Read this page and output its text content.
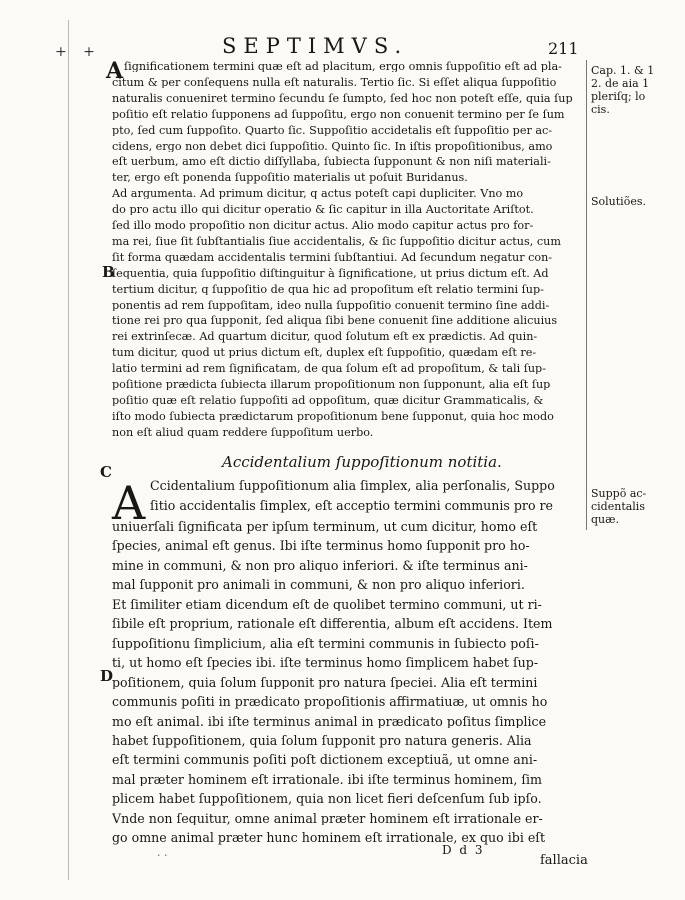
+ +	SEPTIMVS.	211
A ſignificationem termini quæ eſt ad placitum, ergo omnis ſuppoſitio eſt ad pla-
citum & per conſequens nulla eſt naturalis. Tertio ſic. Si eſſet aliqua ſuppoſitio
naturalis conueniret termino ſecundu ſe ſumpto, ſed hoc non poteſt eſſe, quia ſup
poſitio eſt relatio ſupponens ad ſuppoſitu, ergo non conuenit termino per ſe ſum
pto, ſed cum ſuppoſito. Quarto ſic. Suppoſitio accidetalis eſt ſuppoſitio per ac-
cidens, ergo non debet dici ſuppoſitio. Quinto ſic. In iſtis propoſitionibus, amo
eſt uerbum, amo eſt dictio diſſyllaba, ſubiecta ſupponunt & non niſi materiali-
ter, ergo eſt ponenda ſuppoſitio materialis ut poſuit Buridanus.
Ad argumenta. Ad primum dicitur, q actus poteſt capi dupliciter. Vno mo
do pro actu illo qui dicitur operatio & ſic capitur in illa Auctoritate Ariſtot.
ſed illo modo propoſitio non dicitur actus. Alio modo capitur actus pro for-
ma rei, ſiue ſit ſubſtantialis ſiue accidentalis, & ſic ſuppoſitio dicitur actus, cum
ſit forma quædam accidentalis termini ſubſtantiui. Ad ſecundum negatur con-
ſequentia, quia ſuppoſitio diſtinguitur à ſignificatione, ut prius dictum eſt. Ad
tertium dicitur, q ſuppoſitio de qua hic ad propoſitum eſt relatio termini ſup-
ponentis ad rem ſuppoſitam, ideo nulla ſuppoſitio conuenit termino ſine addi-
tione rei pro qua ſupponit, ſed aliqua ſibi bene conuenit ſine additione alicuius
rei extrinſecæ. Ad quartum dicitur, quod ſolutum eſt ex prædictis. Ad quin-
tum dicitur, quod ut prius dictum eſt, duplex eſt ſuppoſitio, quædam eſt re-
latio termini ad rem ſignificatam, de qua ſolum eſt ad propoſitum, & tali ſup-
poſitione prædicta ſubiecta illarum propoſitionum non ſupponunt, alia eſt ſup
poſitio quæ eſt relatio ſuppoſiti ad oppoſitum, quæ dicitur Grammaticalis, &
iſto modo ſubiecta prædictarum propoſitionum bene ſupponut, quia hoc modo
non eſt aliud quam reddere ſuppoſitum uerbo.
B
C
D
Accidentalium ſuppoſitionum notitia.
A Ccidentalium ſuppoſitionum alia ſimplex, alia perſonalis, Suppo
ſitio accidentalis ſimplex, eſt acceptio termini communis pro re
uniuerſali ſignificata per ipſum terminum, ut cum dicitur, homo eſt
ſpecies, animal eſt genus. Ibi iſte terminus homo ſupponit pro ho-
mine in communi, & non pro aliquo inferiori. & iſte terminus ani-
mal ſupponit pro animali in communi, & non pro aliquo inferiori.
Et ſimiliter etiam dicendum eſt de quolibet termino communi, ut ri-
ſibile eſt proprium, rationale eſt differentia, album eſt accidens. Item
ſuppoſitionu ſimplicium, alia eſt termini communis in ſubiecto poſi-
ti, ut homo eſt ſpecies ibi. iſte terminus homo ſimplicem habet ſup-
poſitionem, quia ſolum ſupponit pro natura ſpeciei. Alia eſt termini
communis poſiti in prædicato propoſitionis affirmatiuæ, ut omnis ho
mo eſt animal. ibi iſte terminus animal in prædicato poſitus ſimplice
habet ſuppoſitionem, quia ſolum ſupponit pro natura generis. Alia
eſt termini communis poſiti poſt dictionem exceptiuã, ut omne ani-
mal præter hominem eſt irrationale. ibi iſte terminus hominem, ſim
plicem habet ſuppoſitionem, quia non licet fieri deſcenſum ſub ipſo.
Vnde non ſequitur, omne animal præter hominem eſt irrationale er-
go omne animal præter hunc hominem eſt irrationale, ex quo ibi eſt
Cap. 1. & 1
2. de aia 1
pleriſq; lo
cis.
Solutiões.
Suppõ ac-
cidentalis
quæ.
· ·	D d 3
fallacia
